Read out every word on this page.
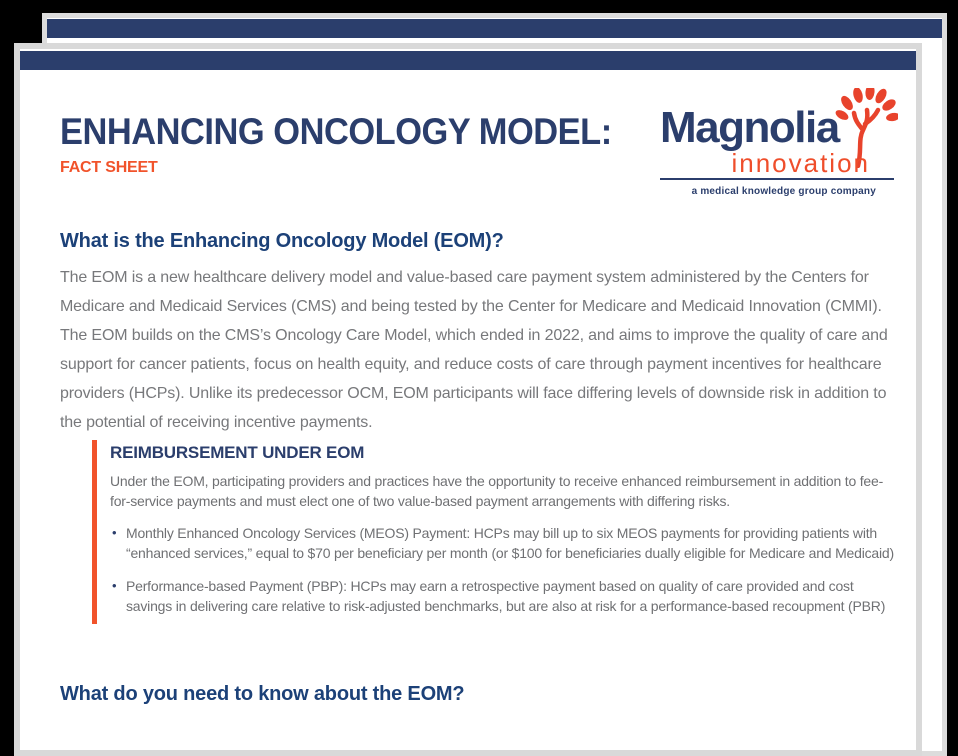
ENHANCING ONCOLOGY MODEL:
FACT SHEET
Magnolia
innovation
a medical knowledge group company
What is the Enhancing Oncology Model (EOM)?

The EOM is a new healthcare delivery model and value-based care payment system administered by the Centers for Medicare and Medicaid Services (CMS) and being tested by the Center for Medicare and Medicaid Innovation (CMMI). The EOM builds on the CMS’s Oncology Care Model, which ended in 2022, and aims to improve the quality of care and support for cancer patients, focus on health equity, and reduce costs of care through payment incentives for healthcare providers (HCPs). Unlike its predecessor OCM, EOM participants will face differing levels of downside risk in addition to the potential of receiving incentive payments.

REIMBURSEMENT UNDER EOM

Under the EOM, participating providers and practices have the opportunity to receive enhanced reimbursement in addition to fee-for-service payments and must elect one of two value-based payment arrangements with differing risks.

• Monthly Enhanced Oncology Services (MEOS) Payment: HCPs may bill up to six MEOS payments for providing patients with “enhanced services,” equal to $70 per beneficiary per month (or $100 for beneficiaries dually eligible for Medicare and Medicaid)
• Performance-based Payment (PBP): HCPs may earn a retrospective payment based on quality of care provided and cost savings in delivering care relative to risk-adjusted benchmarks, but are also at risk for a performance-based recoupment (PBR)
What do you need to know about the EOM?
